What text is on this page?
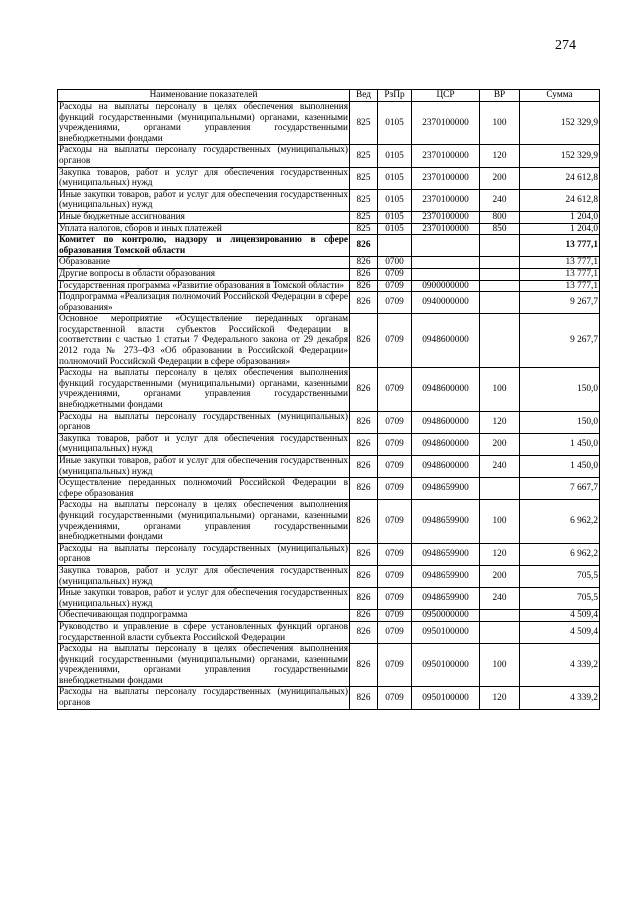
274
Наименование показателей	Вед	РзПр	ЦСР	ВР	Сумма
Расходы на выплаты персоналу в целях обеспечения выполнения функций государственными (муниципальными) органами, казенными учреждениями, органами управления государственными внебюджетными фондами	825	0105	2370100000	100	152 329,9
Расходы на выплаты персоналу государственных (муниципальных) органов	825	0105	2370100000	120	152 329,9
Закупка товаров, работ и услуг для обеспечения государственных (муниципальных) нужд	825	0105	2370100000	200	24 612,8
Иные закупки товаров, работ и услуг для обеспечения государственных (муниципальных) нужд	825	0105	2370100000	240	24 612,8
Иные бюджетные ассигнования	825	0105	2370100000	800	1 204,0
Уплата налогов, сборов и иных платежей	825	0105	2370100000	850	1 204,0
Комитет по контролю, надзору и лицензированию в сфере образования Томской области	826				13 777,1
Образование	826	0700			13 777,1
Другие вопросы в области образования	826	0709			13 777,1
Государственная программа «Развитие образования в Томской области»	826	0709	0900000000		13 777,1
Подпрограмма «Реализация полномочий Российской Федерации в сфере образования»	826	0709	0940000000		9 267,7
Основное мероприятие «Осуществление переданных органам государственной власти субъектов Российской Федерации в соответствии с частью 1 статьи 7 Федерального закона от 29 декабря 2012 года № 273–ФЗ «Об образовании в Российской Федерации» полномочий Российской Федерации в сфере образования»	826	0709	0948600000		9 267,7
Расходы на выплаты персоналу в целях обеспечения выполнения функций государственными (муниципальными) органами, казенными учреждениями, органами управления государственными внебюджетными фондами	826	0709	0948600000	100	150,0
Расходы на выплаты персоналу государственных (муниципальных) органов	826	0709	0948600000	120	150,0
Закупка товаров, работ и услуг для обеспечения государственных (муниципальных) нужд	826	0709	0948600000	200	1 450,0
Иные закупки товаров, работ и услуг для обеспечения государственных (муниципальных) нужд	826	0709	0948600000	240	1 450,0
Осуществление переданных полномочий Российской Федерации в сфере образования	826	0709	0948659900		7 667,7
Расходы на выплаты персоналу в целях обеспечения выполнения функций государственными (муниципальными) органами, казенными учреждениями, органами управления государственными внебюджетными фондами	826	0709	0948659900	100	6 962,2
Расходы на выплаты персоналу государственных (муниципальных) органов	826	0709	0948659900	120	6 962,2
Закупка товаров, работ и услуг для обеспечения государственных (муниципальных) нужд	826	0709	0948659900	200	705,5
Иные закупки товаров, работ и услуг для обеспечения государственных (муниципальных) нужд	826	0709	0948659900	240	705,5
Обеспечивающая подпрограмма	826	0709	0950000000		4 509,4
Руководство и управление в сфере установленных функций органов государственной власти субъекта Российской Федерации	826	0709	0950100000		4 509,4
Расходы на выплаты персоналу в целях обеспечения выполнения функций государственными (муниципальными) органами, казенными учреждениями, органами управления государственными внебюджетными фондами	826	0709	0950100000	100	4 339,2
Расходы на выплаты персоналу государственных (муниципальных) органов	826	0709	0950100000	120	4 339,2
